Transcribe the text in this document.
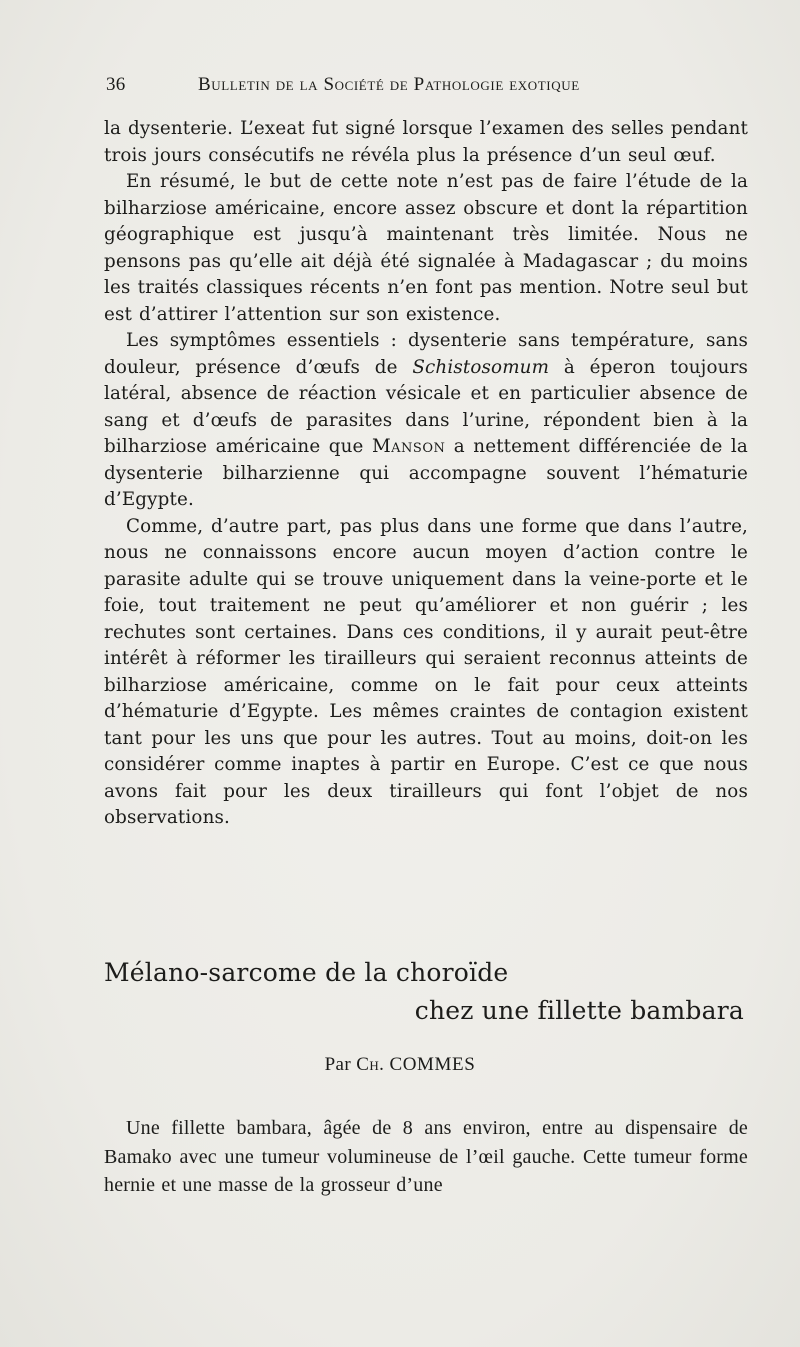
36	Bulletin de la Société de Pathologie exotique

la dysenterie. L’exeat fut signé lorsque l’examen des selles pendant trois jours consécutifs ne révéla plus la présence d’un seul œuf.

En résumé, le but de cette note n’est pas de faire l’étude de la bilharziose américaine, encore assez obscure et dont la répartition géographique est jusqu’à maintenant très limitée. Nous ne pensons pas qu’elle ait déjà été signalée à Madagascar ; du moins les traités classiques récents n’en font pas mention. Notre seul but est d’attirer l’attention sur son existence.

Les symptômes essentiels : dysenterie sans température, sans douleur, présence d’œufs de Schistosomum à éperon toujours latéral, absence de réaction vésicale et en particulier absence de sang et d’œufs de parasites dans l’urine, répondent bien à la bilharziose américaine que Manson a nettement différenciée de la dysenterie bilharzienne qui accompagne souvent l’hématurie d’Egypte.

Comme, d’autre part, pas plus dans une forme que dans l’autre, nous ne connaissons encore aucun moyen d’action contre le parasite adulte qui se trouve uniquement dans la veine-porte et le foie, tout traitement ne peut qu’améliorer et non guérir ; les rechutes sont certaines. Dans ces conditions, il y aurait peut-être intérêt à réformer les tirailleurs qui seraient reconnus atteints de bilharziose américaine, comme on le fait pour ceux atteints d’hématurie d’Egypte. Les mêmes craintes de contagion existent tant pour les uns que pour les autres. Tout au moins, doit-on les considérer comme inaptes à partir en Europe. C’est ce que nous avons fait pour les deux tirailleurs qui font l’objet de nos observations.

Mélano-sarcome de la choroïde
chez une fillette bambara
Par Ch. COMMES

Une fillette bambara, âgée de 8 ans environ, entre au dispensaire de Bamako avec une tumeur volumineuse de l’œil gauche. Cette tumeur forme hernie et une masse de la grosseur d’une
